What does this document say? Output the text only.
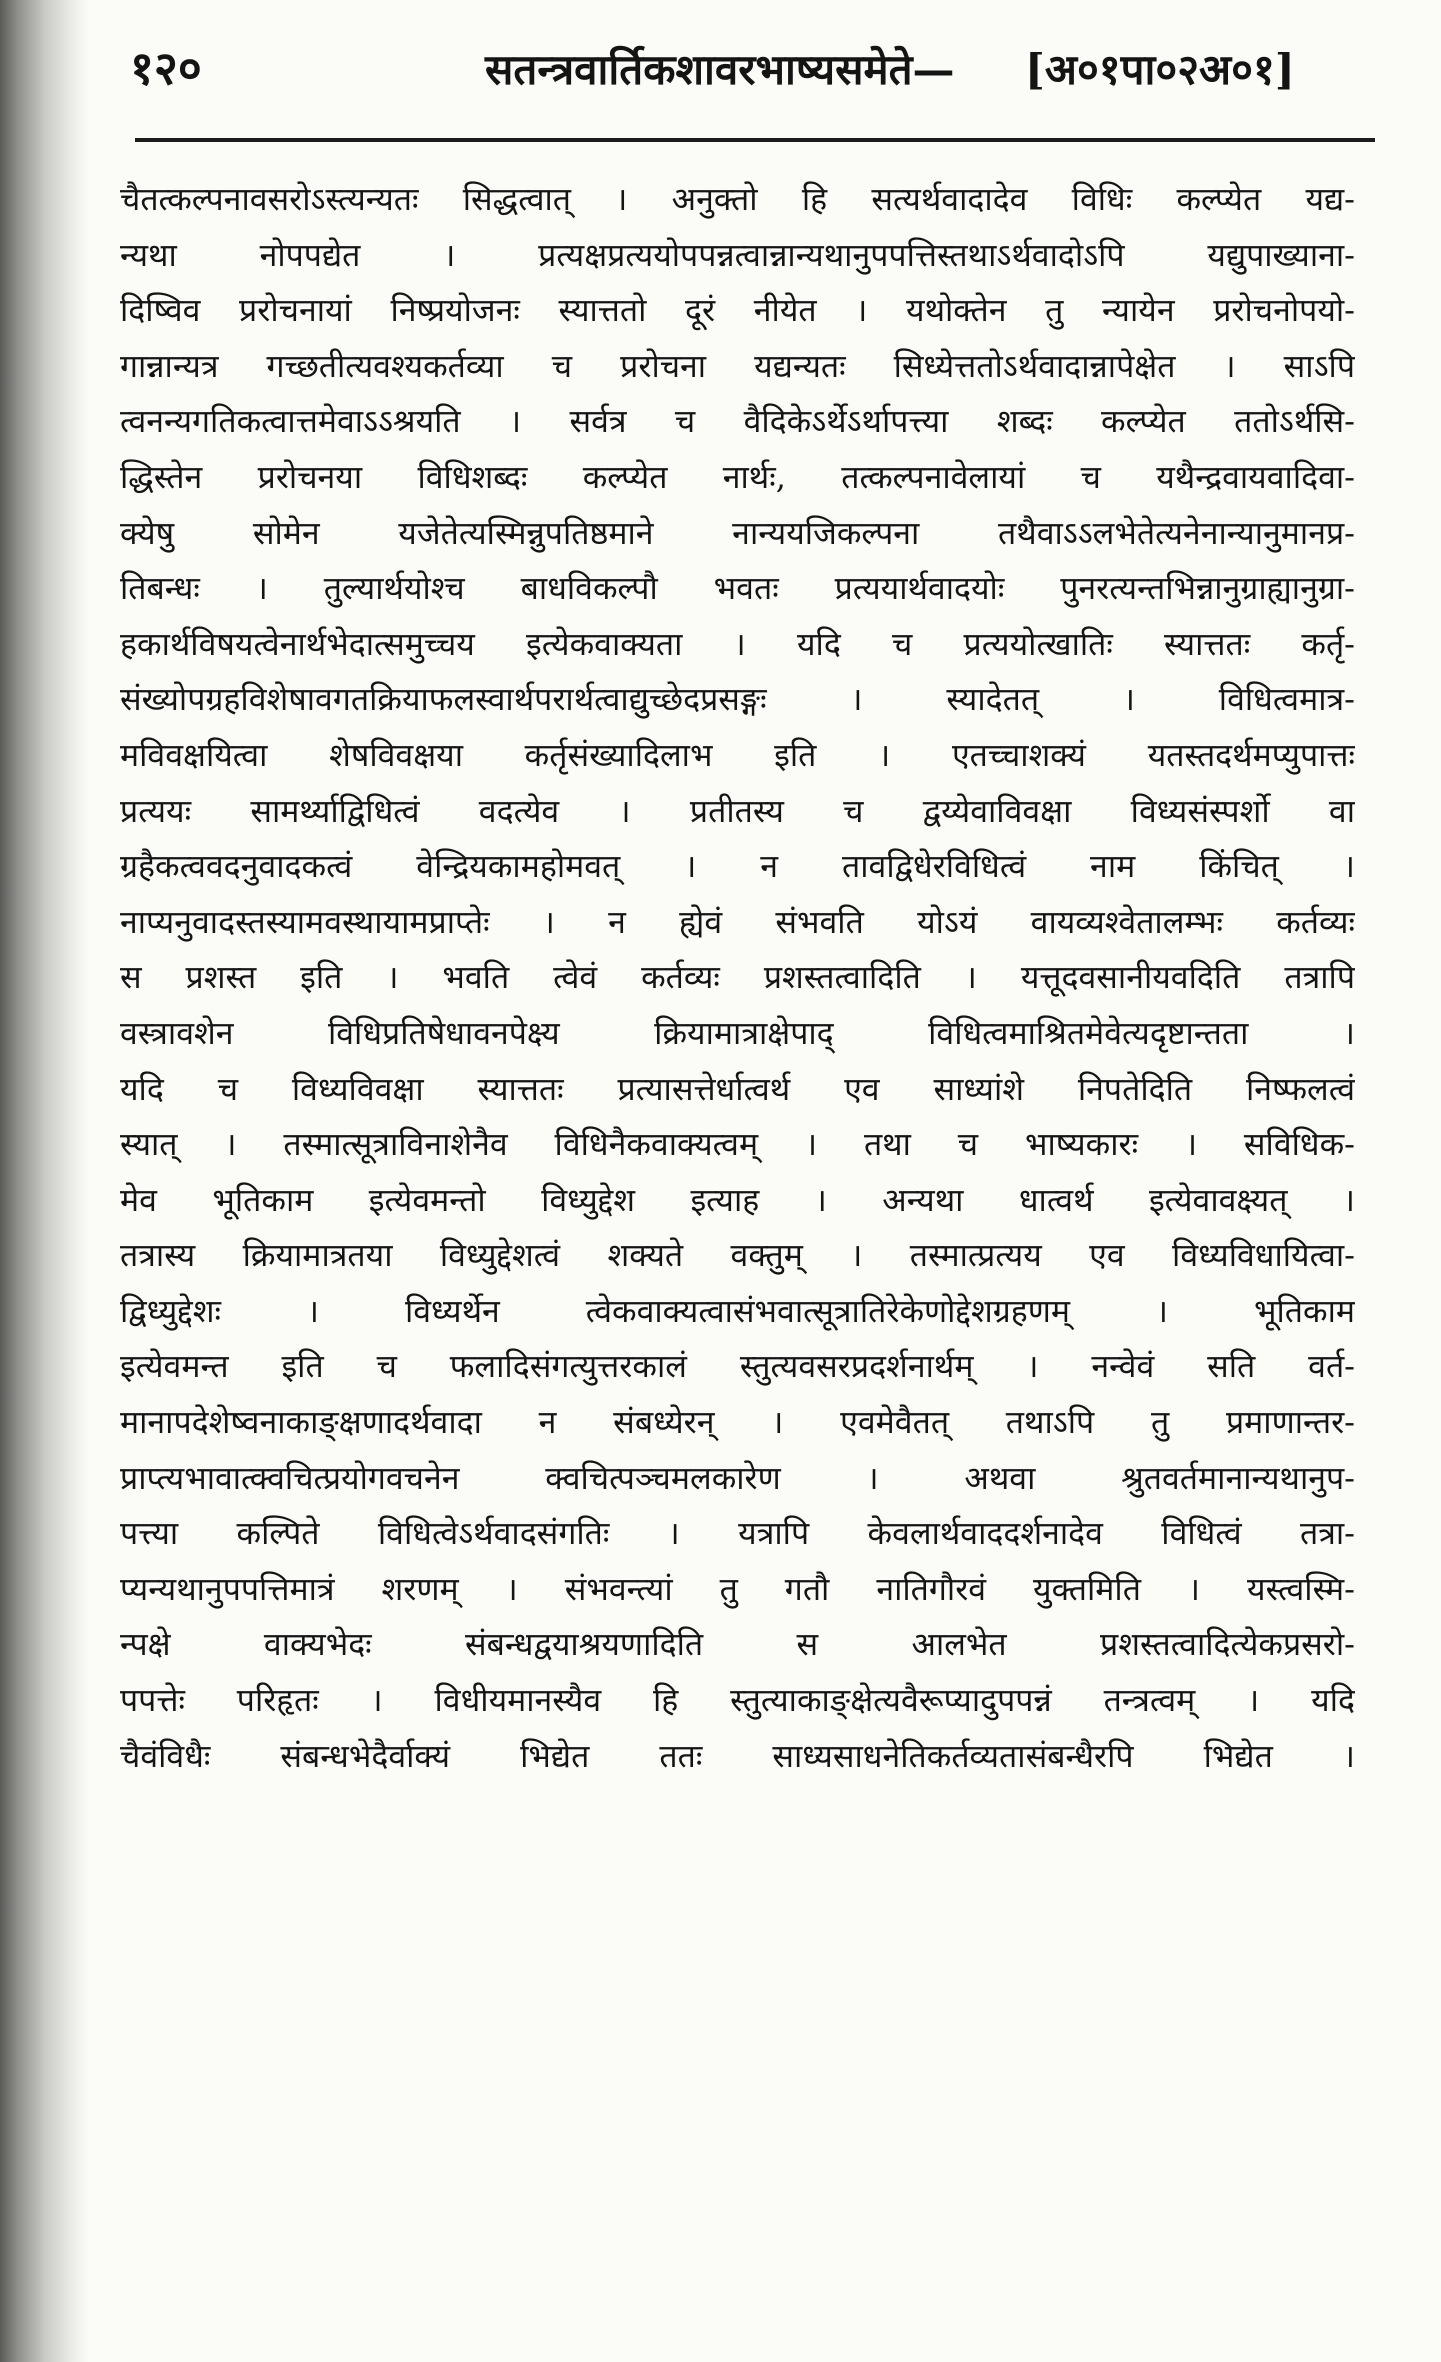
१२०	सतन्त्रवार्तिकशावरभाष्यसमेते— [अ०१पा०२अ०१]
चैतत्कल्पनावसरोऽस्त्यन्यतः सिद्धत्वात् । अनुक्तो हि सत्यर्थवादादेव विधिः कल्प्येत यद्य-
न्यथा नोपपद्येत । प्रत्यक्षप्रत्ययोपपन्नत्वान्नान्यथानुपपत्तिस्तथाऽर्थवादोऽपि यद्युपाख्याना-
दिष्विव प्ररोचनायां निष्प्रयोजनः स्यात्ततो दूरं नीयेत । यथोक्तेन तु न्यायेन प्ररोचनोपयो-
गान्नान्यत्र गच्छतीत्यवश्यकर्तव्या च प्ररोचना यद्यन्यतः सिध्येत्ततोऽर्थवादान्नापेक्षेत । साऽपि
त्वनन्यगतिकत्वात्तमेवाऽऽश्रयति । सर्वत्र च वैदिकेऽर्थेऽर्थापत्त्या शब्दः कल्प्येत ततोऽर्थसि-
द्धिस्तेन प्ररोचनया विधिशब्दः कल्प्येत नार्थः, तत्कल्पनावेलायां च यथैन्द्रवायवादिवा-
क्येषु सोमेन यजेतेत्यस्मिन्नुपतिष्ठमाने नान्ययजिकल्पना तथैवाऽऽलभेतेत्यनेनान्यानुमानप्र-
तिबन्धः । तुल्यार्थयोश्च बाधविकल्पौ भवतः प्रत्ययार्थवादयोः पुनरत्यन्तभिन्नानुग्राह्यानुग्रा-
हकार्थविषयत्वेनार्थभेदात्समुच्चय इत्येकवाक्यता । यदि च प्रत्ययोत्खातिः स्यात्ततः कर्तृ-
संख्योपग्रहविशेषावगतक्रियाफलस्वार्थपरार्थत्वाद्युच्छेदप्रसङ्गः । स्यादेतत् । विधित्वमात्र-
मविवक्षयित्वा शेषविवक्षया कर्तृसंख्यादिलाभ इति । एतच्चाशक्यं यतस्तदर्थमप्युपात्तः
प्रत्ययः सामर्थ्याद्विधित्वं वदत्येव । प्रतीतस्य च द्वय्येवाविवक्षा विध्यसंस्पर्शो वा
ग्रहैकत्ववदनुवादकत्वं वेन्द्रियकामहोमवत् । न तावद्विधेरविधित्वं नाम किंचित् ।
नाप्यनुवादस्तस्यामवस्थायामप्राप्तेः । न ह्येवं संभवति योऽयं वायव्यश्वेतालम्भः कर्तव्यः
स प्रशस्त इति । भवति त्वेवं कर्तव्यः प्रशस्तत्वादिति । यत्तूदवसानीयवदिति तत्रापि
वस्त्रावशेन विधिप्रतिषेधावनपेक्ष्य क्रियामात्राक्षेपाद् विधित्वमाश्रितमेवेत्यदृष्टान्तता ।
यदि च विध्यविवक्षा स्यात्ततः प्रत्यासत्तेर्धात्वर्थ एव साध्यांशे निपतेदिति निष्फलत्वं
स्यात् । तस्मात्सूत्राविनाशेनैव विधिनैकवाक्यत्वम् । तथा च भाष्यकारः । सविधिक-
मेव भूतिकाम इत्येवमन्तो विध्युद्देश इत्याह । अन्यथा धात्वर्थ इत्येवावक्ष्यत् ।
तत्रास्य क्रियामात्रतया विध्युद्देशत्वं शक्यते वक्तुम् । तस्मात्प्रत्यय एव विध्यविधायित्वा-
द्विध्युद्देशः । विध्यर्थेन त्वेकवाक्यत्वासंभवात्सूत्रातिरेकेणोद्देशग्रहणम् । भूतिकाम
इत्येवमन्त इति च फलादिसंगत्युत्तरकालं स्तुत्यवसरप्रदर्शनार्थम् । नन्वेवं सति वर्त-
मानापदेशेष्वनाकाङ्क्षणादर्थवादा न संबध्येरन् । एवमेवैतत् तथाऽपि तु प्रमाणान्तर-
प्राप्त्यभावात्क्वचित्प्रयोगवचनेन क्वचित्पञ्चमलकारेण । अथवा श्रुतवर्तमानान्यथानुप-
पत्त्या कल्पिते विधित्वेऽर्थवादसंगतिः । यत्रापि केवलार्थवाददर्शनादेव विधित्वं तत्रा-
प्यन्यथानुपपत्तिमात्रं शरणम् । संभवन्त्यां तु गतौ नातिगौरवं युक्तमिति । यस्त्वस्मि-
न्पक्षे वाक्यभेदः संबन्धद्वयाश्रयणादिति स आलभेत प्रशस्तत्वादित्येकप्रसरो-
पपत्तेः परिहृतः । विधीयमानस्यैव हि स्तुत्याकाङ्क्षेत्यवैरूप्यादुपपन्नं तन्त्रत्वम् । यदि
चैवंविधैः संबन्धभेदैर्वाक्यं भिद्येत ततः साध्यसाधनेतिकर्तव्यतासंबन्धैरपि भिद्येत ।
